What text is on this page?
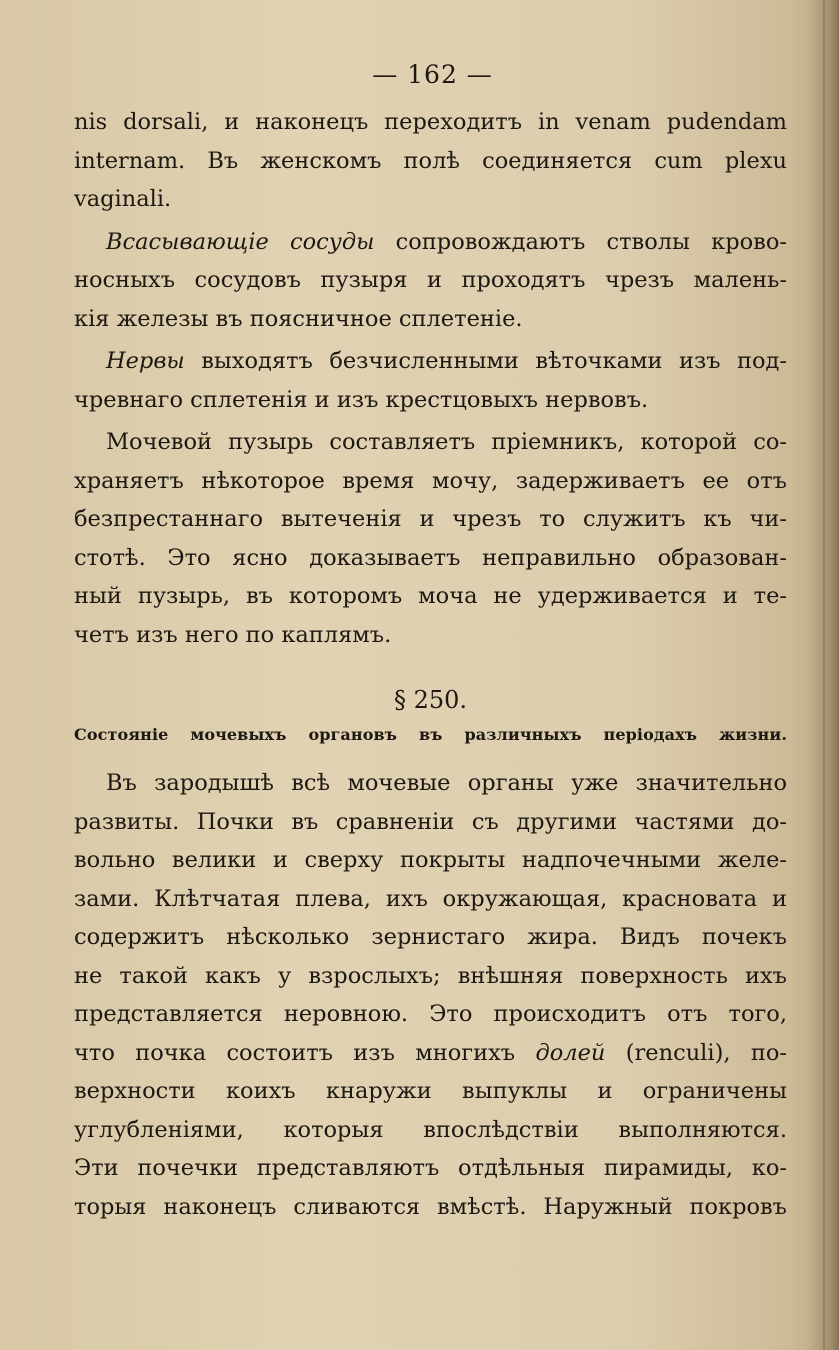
— 162 —
nis dorsali, и наконецъ переходитъ in venam pudendam
internam. Въ женскомъ полѣ соединяется cum plexu
vaginali.
Всасывающіе сосуды сопровождаютъ стволы крово-
носныхъ сосудовъ пузыря и проходятъ чрезъ малень-
кія железы въ поясничное сплетеніе.
Нервы выходятъ безчисленными вѣточками изъ под-
чревнаго сплетенія и изъ крестцовыхъ нервовъ.
Мочевой пузырь составляетъ пріемникъ, которой со-
храняетъ нѣкоторое время мочу, задерживаетъ ее отъ
безпрестаннаго вытеченія и чрезъ то служитъ къ чи-
стотѣ. Это ясно доказываетъ неправильно образован-
ный пузырь, въ которомъ моча не удерживается и те-
четъ изъ него по каплямъ.
§ 250.
Состояніе мочевыхъ органовъ въ различныхъ періодахъ жизни.
Въ зародышѣ всѣ мочевые органы уже значительно
развиты. Почки въ сравненіи съ другими частями до-
вольно велики и сверху покрыты надпочечными желе-
зами. Клѣтчатая плева, ихъ окружающая, красновата и
содержитъ нѣсколько зернистаго жира. Видъ почекъ
не такой какъ у взрослыхъ; внѣшняя поверхность ихъ
представляется неровною. Это происходитъ отъ того,
что почка состоитъ изъ многихъ долей (renculi), по-
верхности коихъ кнаружи выпуклы и ограничены
углубленіями, которыя впослѣдствіи выполняются.
Эти почечки представляютъ отдѣльныя пирамиды, ко-
торыя наконецъ сливаются вмѣстѣ. Наружный покровъ
